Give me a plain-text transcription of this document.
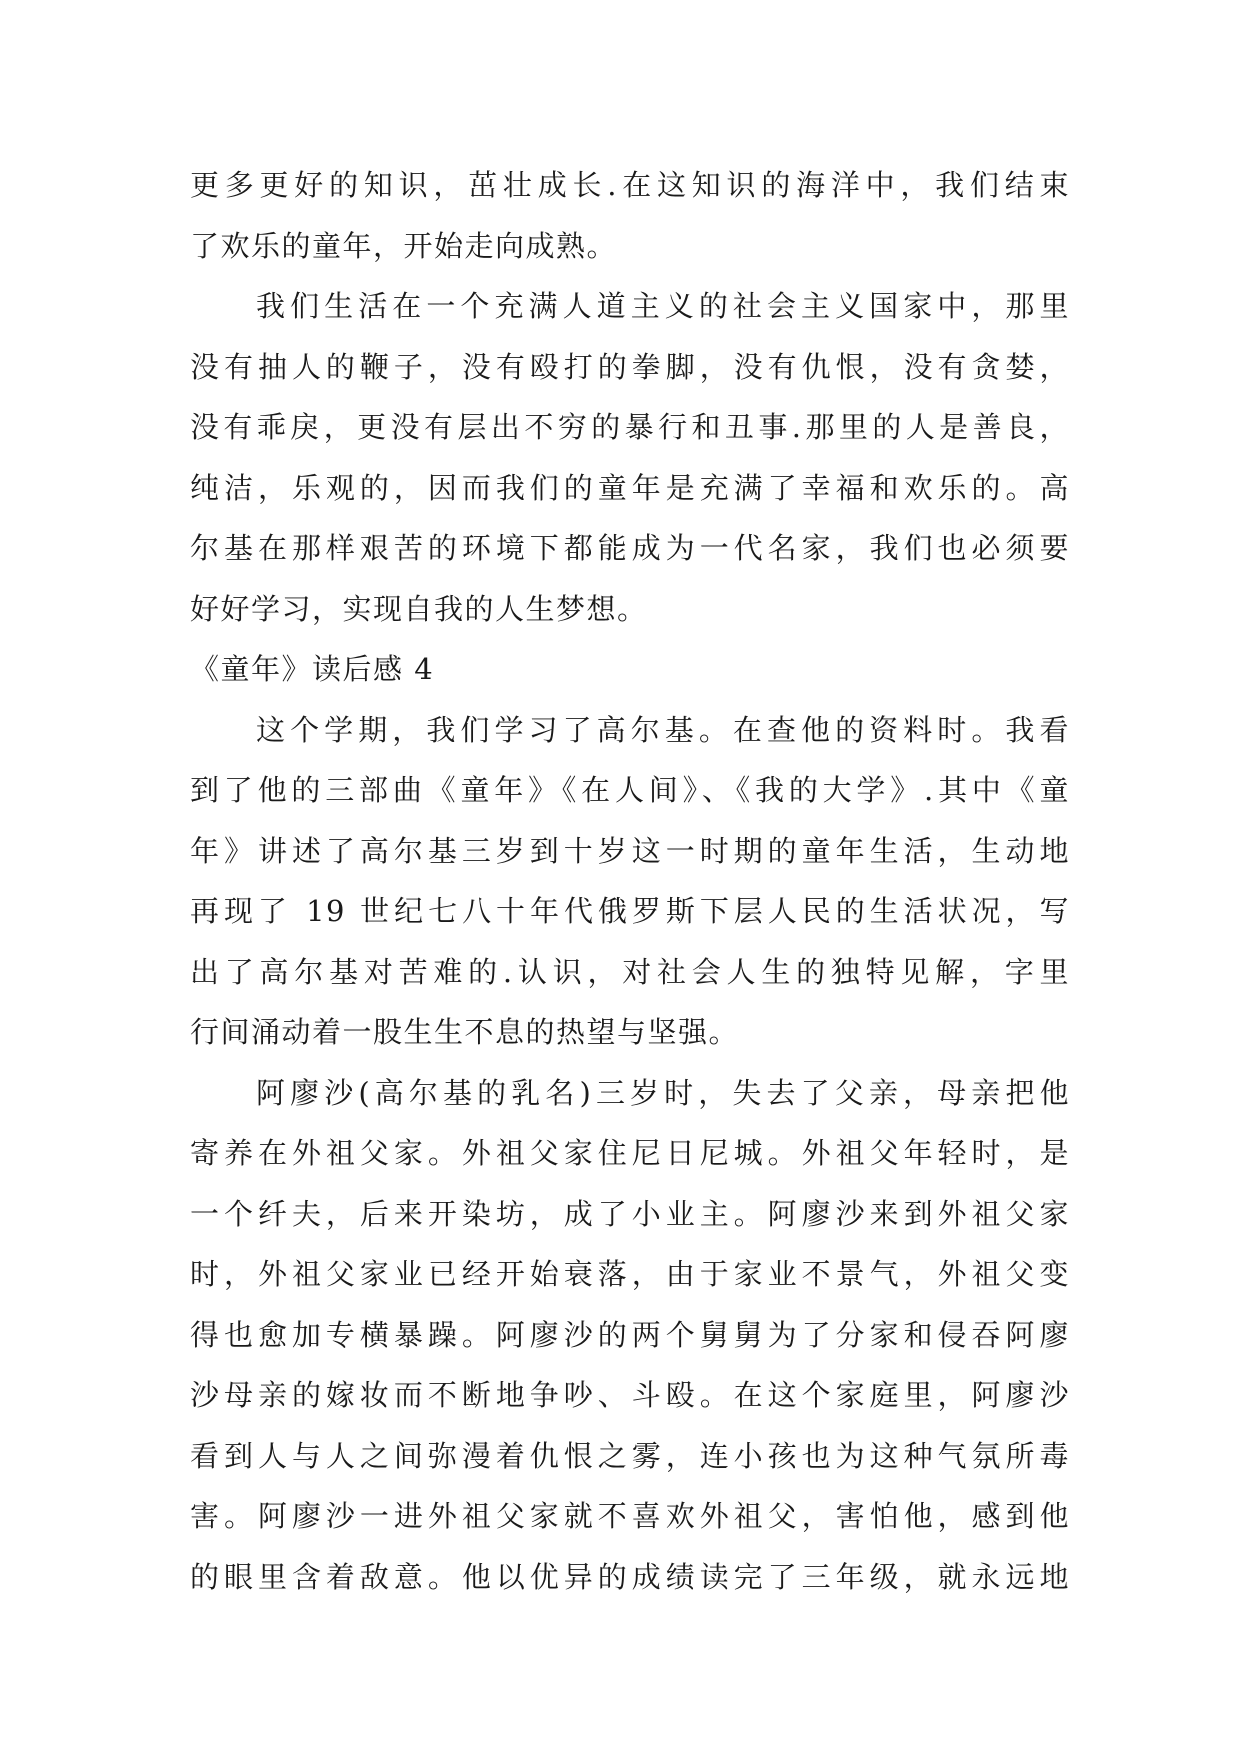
更多更好的知识，茁壮成长.在这知识的海洋中，我们结束
了欢乐的童年，开始走向成熟。
我们生活在一个充满人道主义的社会主义国家中，那里
没有抽人的鞭子，没有殴打的拳脚，没有仇恨，没有贪婪，
没有乖戾，更没有层出不穷的暴行和丑事.那里的人是善良，
纯洁，乐观的，因而我们的童年是充满了幸福和欢乐的。高
尔基在那样艰苦的环境下都能成为一代名家，我们也必须要
好好学习，实现自我的人生梦想。
《童年》读后感 4
这个学期，我们学习了高尔基。在查他的资料时。我看
到了他的三部曲《童年》《在人间》、《我的大学》.其中《童
年》讲述了高尔基三岁到十岁这一时期的童年生活，生动地
再现了 19 世纪七八十年代俄罗斯下层人民的生活状况，写
出了高尔基对苦难的.认识，对社会人生的独特见解，字里
行间涌动着一股生生不息的热望与坚强。
阿廖沙(高尔基的乳名)三岁时，失去了父亲，母亲把他
寄养在外祖父家。外祖父家住尼日尼城。外祖父年轻时，是
一个纤夫，后来开染坊，成了小业主。阿廖沙来到外祖父家
时，外祖父家业已经开始衰落，由于家业不景气，外祖父变
得也愈加专横暴躁。阿廖沙的两个舅舅为了分家和侵吞阿廖
沙母亲的嫁妆而不断地争吵、斗殴。在这个家庭里，阿廖沙
看到人与人之间弥漫着仇恨之雾，连小孩也为这种气氛所毒
害。阿廖沙一进外祖父家就不喜欢外祖父，害怕他，感到他
的眼里含着敌意。他以优异的成绩读完了三年级，就永远地
